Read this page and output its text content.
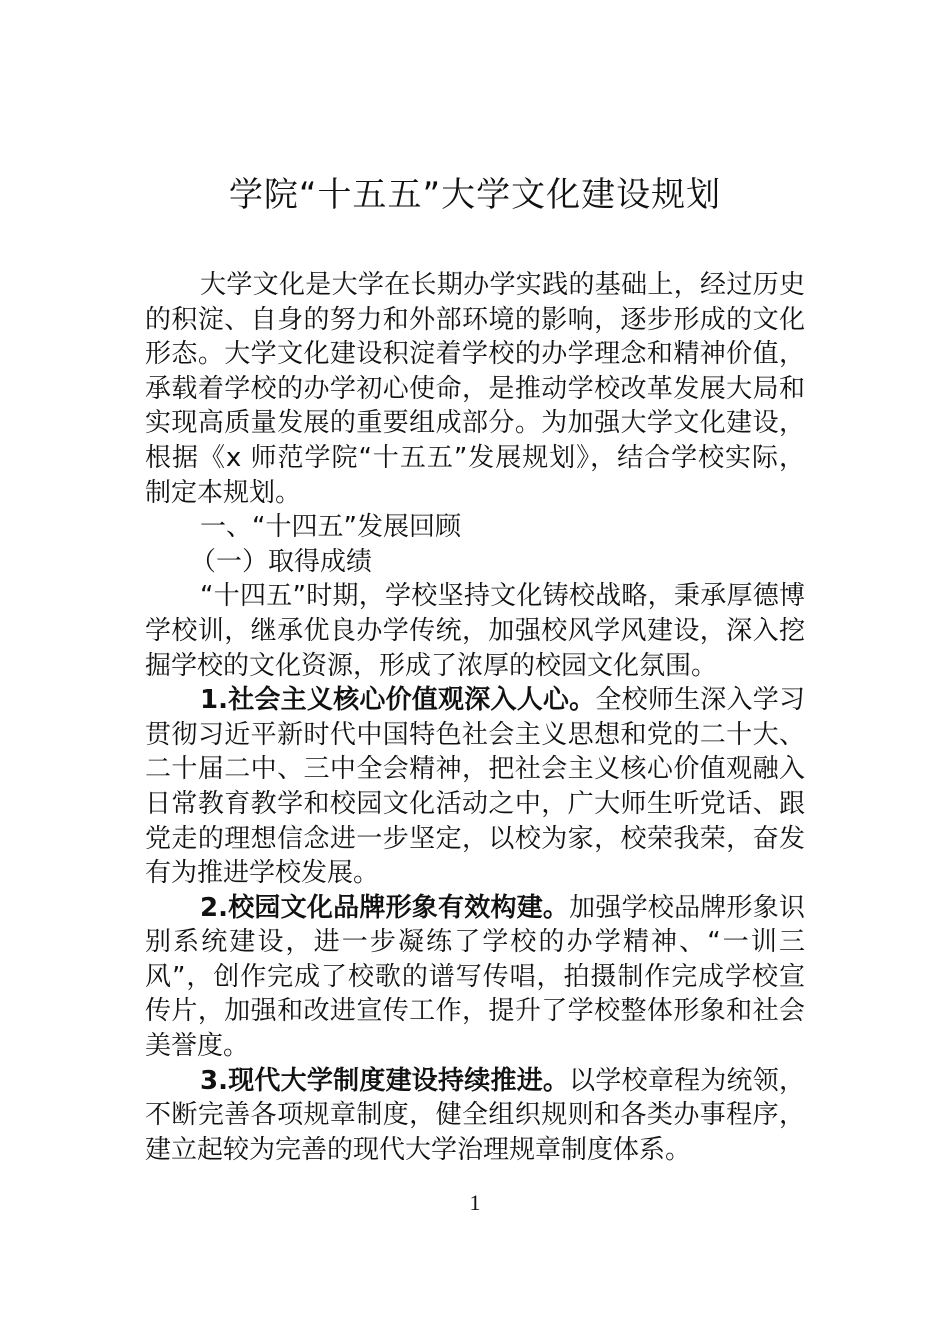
学院“十五五”大学文化建设规划
大学文化是大学在长期办学实践的基础上，经过历史
的积淀、自身的努力和外部环境的影响，逐步形成的文化
形态。大学文化建设积淀着学校的办学理念和精神价值，
承载着学校的办学初心使命，是推动学校改革发展大局和
实现高质量发展的重要组成部分。为加强大学文化建设，
根据《x 师范学院“十五五”发展规划》，结合学校实际，
制定本规划。
一、“十四五”发展回顾
（一）取得成绩
“十四五”时期，学校坚持文化铸校战略，秉承厚德博
学校训，继承优良办学传统，加强校风学风建设，深入挖
掘学校的文化资源，形成了浓厚的校园文化氛围。
1.社会主义核心价值观深入人心。全校师生深入学习
贯彻习近平新时代中国特色社会主义思想和党的二十大、
二十届二中、三中全会精神，把社会主义核心价值观融入
日常教育教学和校园文化活动之中，广大师生听党话、跟
党走的理想信念进一步坚定，以校为家，校荣我荣，奋发
有为推进学校发展。
2.校园文化品牌形象有效构建。加强学校品牌形象识
别系统建设，进一步凝练了学校的办学精神、“一训三
风”，创作完成了校歌的谱写传唱，拍摄制作完成学校宣
传片，加强和改进宣传工作，提升了学校整体形象和社会
美誉度。
3.现代大学制度建设持续推进。以学校章程为统领，
不断完善各项规章制度，健全组织规则和各类办事程序，
建立起较为完善的现代大学治理规章制度体系。
1
